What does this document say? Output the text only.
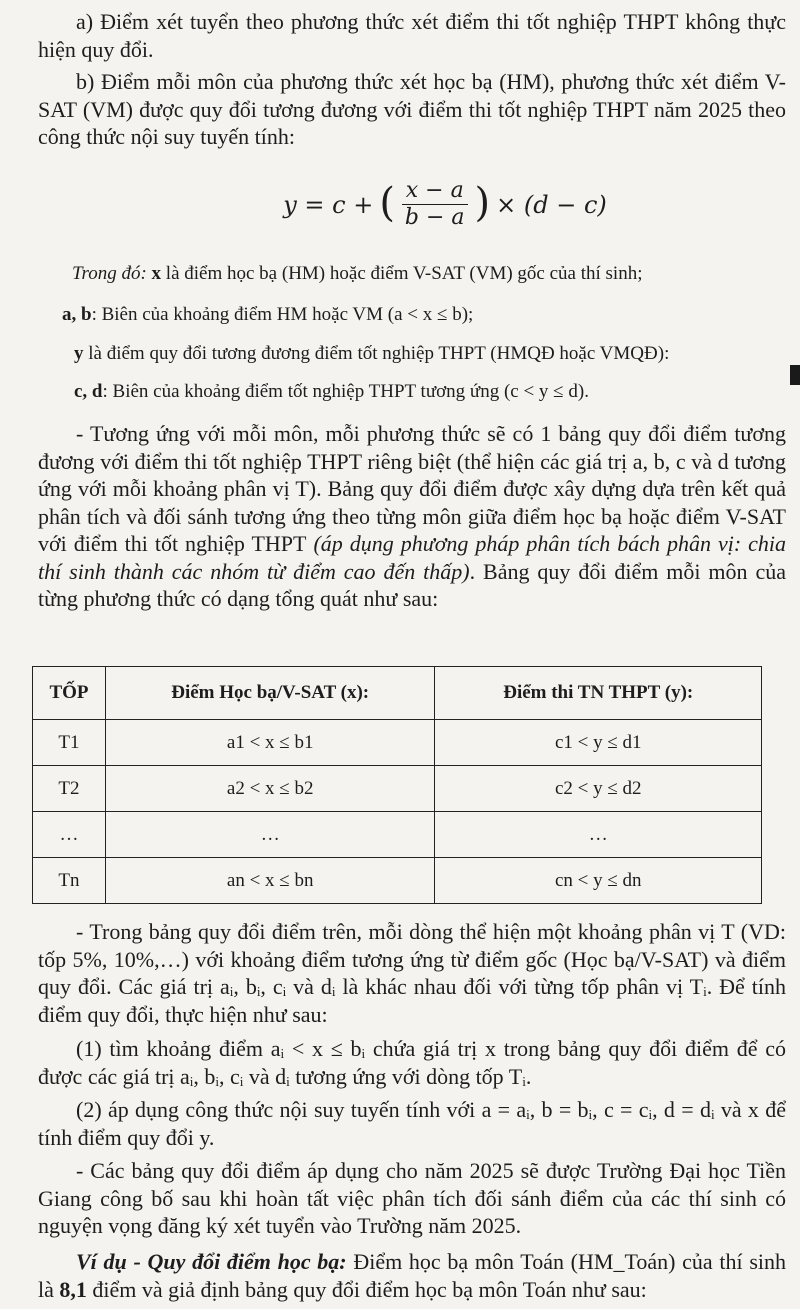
a) Điểm xét tuyển theo phương thức xét điểm thi tốt nghiệp THPT không thực hiện quy đổi.

b) Điểm mỗi môn của phương thức xét học bạ (HM), phương thức xét điểm V-SAT (VM) được quy đổi tương đương với điểm thi tốt nghiệp THPT năm 2025 theo công thức nội suy tuyến tính:

y = c + ( $\frac{x - a}{b - a}$ ) × (d − c)

Trong đó: x là điểm học bạ (HM) hoặc điểm V-SAT (VM) gốc của thí sinh;

a, b: Biên của khoảng điểm HM hoặc VM (a < x ≤ b);

y là điểm quy đổi tương đương điểm tốt nghiệp THPT (HMQĐ hoặc VMQĐ):

c, d: Biên của khoảng điểm tốt nghiệp THPT tương ứng (c < y ≤ d).

- Tương ứng với mỗi môn, mỗi phương thức sẽ có 1 bảng quy đổi điểm tương đương với điểm thi tốt nghiệp THPT riêng biệt (thể hiện các giá trị a, b, c và d tương ứng với mỗi khoảng phân vị T). Bảng quy đổi điểm được xây dựng dựa trên kết quả phân tích và đối sánh tương ứng theo từng môn giữa điểm học bạ hoặc điểm V-SAT với điểm thi tốt nghiệp THPT (áp dụng phương pháp phân tích bách phân vị: chia thí sinh thành các nhóm từ điểm cao đến thấp). Bảng quy đổi điểm mỗi môn của từng phương thức có dạng tổng quát như sau:

TỐP	Điểm Học bạ/V-SAT (x):	Điểm thi TN THPT (y):
T1	a1 < x ≤ b1	c1 < y ≤ d1
T2	a2 < x ≤ b2	c2 < y ≤ d2
…	…	…
Tn	an < x ≤ bn	cn < y ≤ dn

- Trong bảng quy đổi điểm trên, mỗi dòng thể hiện một khoảng phân vị T (VD: tốp 5%, 10%,…) với khoảng điểm tương ứng từ điểm gốc (Học bạ/V-SAT) và điểm quy đổi. Các giá trị aᵢ, bᵢ, cᵢ và dᵢ là khác nhau đối với từng tốp phân vị Tᵢ. Để tính điểm quy đổi, thực hiện như sau:

(1) tìm khoảng điểm aᵢ < x ≤ bᵢ chứa giá trị x trong bảng quy đổi điểm để có được các giá trị aᵢ, bᵢ, cᵢ và dᵢ tương ứng với dòng tốp Tᵢ.

(2) áp dụng công thức nội suy tuyến tính với a = aᵢ, b = bᵢ, c = cᵢ, d = dᵢ và x để tính điểm quy đổi y.

- Các bảng quy đổi điểm áp dụng cho năm 2025 sẽ được Trường Đại học Tiền Giang công bố sau khi hoàn tất việc phân tích đối sánh điểm của các thí sinh có nguyện vọng đăng ký xét tuyển vào Trường năm 2025.

Ví dụ - Quy đổi điểm học bạ: Điểm học bạ môn Toán (HM_Toán) của thí sinh là 8,1 điểm và giả định bảng quy đổi điểm học bạ môn Toán như sau:
